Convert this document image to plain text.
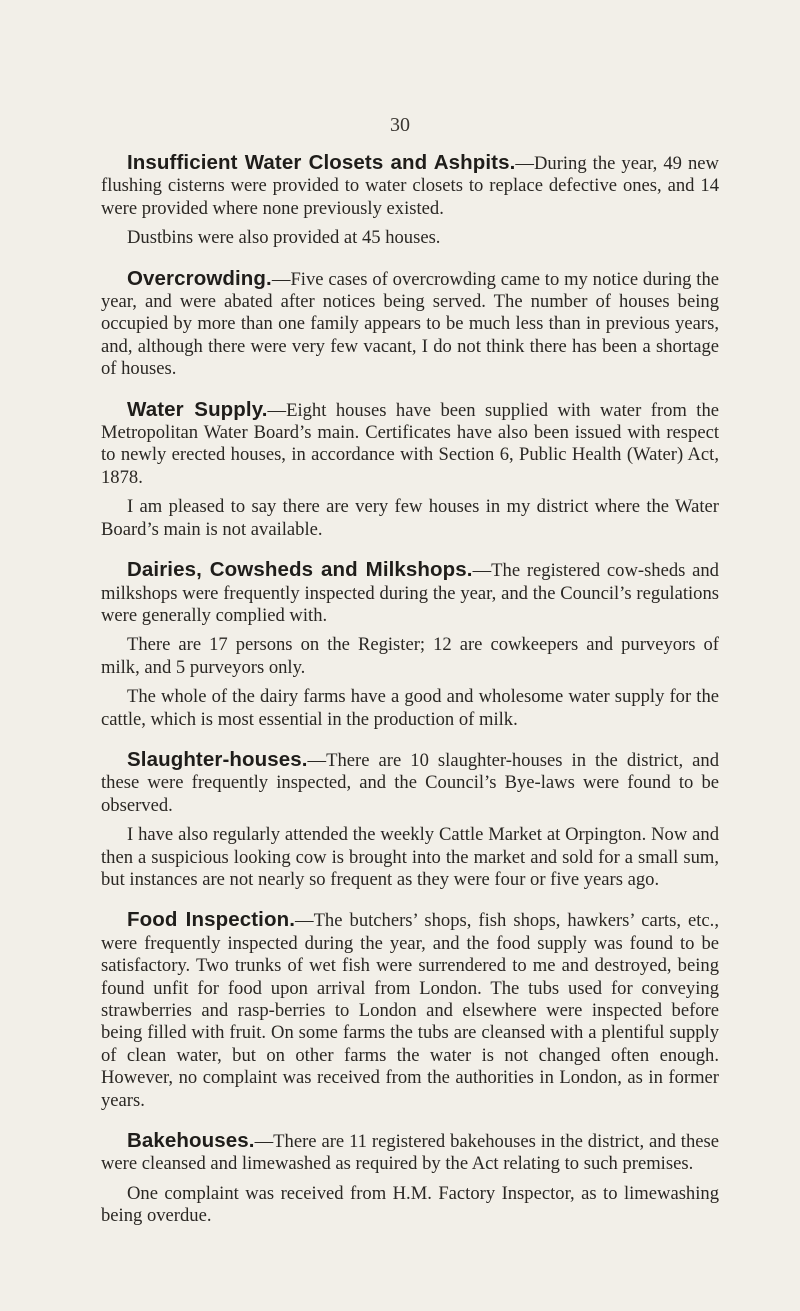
30

Insufficient Water Closets and Ashpits.—During the year, 49 new flushing cisterns were provided to water closets to replace defective ones, and 14 were provided where none previously existed.

Dustbins were also provided at 45 houses.

Overcrowding.—Five cases of overcrowding came to my notice during the year, and were abated after notices being served. The number of houses being occupied by more than one family appears to be much less than in previous years, and, although there were very few vacant, I do not think there has been a shortage of houses.

Water Supply.—Eight houses have been supplied with water from the Metropolitan Water Board’s main. Certificates have also been issued with respect to newly erected houses, in accordance with Section 6, Public Health (Water) Act, 1878.

I am pleased to say there are very few houses in my district where the Water Board’s main is not available.

Dairies, Cowsheds and Milkshops.—The registered cow-sheds and milkshops were frequently inspected during the year, and the Council’s regulations were generally complied with.

There are 17 persons on the Register; 12 are cowkeepers and purveyors of milk, and 5 purveyors only.

The whole of the dairy farms have a good and wholesome water supply for the cattle, which is most essential in the production of milk.

Slaughter-houses.—There are 10 slaughter-houses in the district, and these were frequently inspected, and the Council’s Bye-laws were found to be observed.

I have also regularly attended the weekly Cattle Market at Orpington. Now and then a suspicious looking cow is brought into the market and sold for a small sum, but instances are not nearly so frequent as they were four or five years ago.

Food Inspection.—The butchers’ shops, fish shops, hawkers’ carts, etc., were frequently inspected during the year, and the food supply was found to be satisfactory. Two trunks of wet fish were surrendered to me and destroyed, being found unfit for food upon arrival from London. The tubs used for conveying strawberries and rasp-berries to London and elsewhere were inspected before being filled with fruit. On some farms the tubs are cleansed with a plentiful supply of clean water, but on other farms the water is not changed often enough. However, no complaint was received from the authorities in London, as in former years.

Bakehouses.—There are 11 registered bakehouses in the district, and these were cleansed and limewashed as required by the Act relating to such premises.

One complaint was received from H.M. Factory Inspector, as to limewashing being overdue.
